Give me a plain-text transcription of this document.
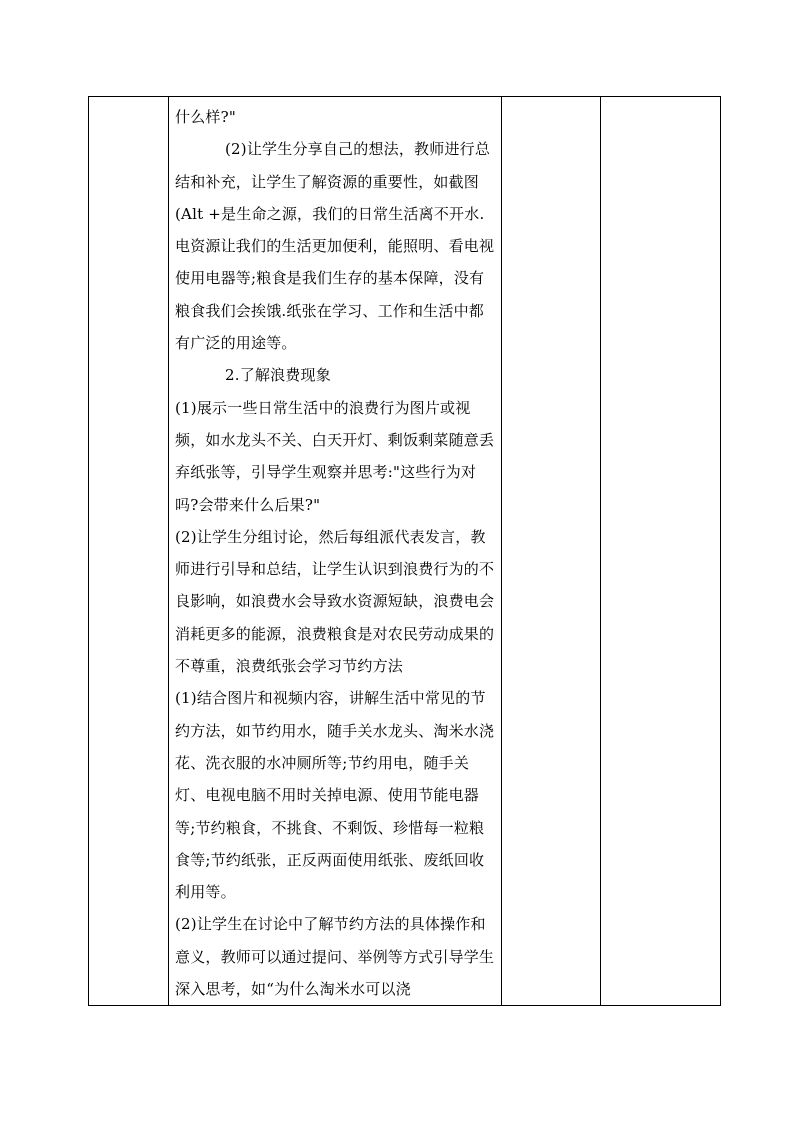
什么样?"

(2)让学生分享自己的想法，教师进行总结和补充，让学生了解资源的重要性，如截图(Alt +是生命之源，我们的日常生活离不开水.电资源让我们的生活更加便利，能照明、看电视使用电器等;粮食是我们生存的基本保障，没有粮食我们会挨饿.纸张在学习、工作和生活中都有广泛的用途等。

2.了解浪费现象

(1)展示一些日常生活中的浪费行为图片或视频，如水龙头不关、白天开灯、剩饭剩菜随意丢弃纸张等，引导学生观察并思考:"这些行为对吗?会带来什么后果?"

(2)让学生分组讨论，然后每组派代表发言，教师进行引导和总结，让学生认识到浪费行为的不良影响，如浪费水会导致水资源短缺，浪费电会消耗更多的能源，浪费粮食是对农民劳动成果的不尊重，浪费纸张会学习节约方法

(1)结合图片和视频内容，讲解生活中常见的节约方法，如节约用水，随手关水龙头、淘米水浇花、洗衣服的水冲厕所等;节约用电，随手关灯、电视电脑不用时关掉电源、使用节能电器等;节约粮食，不挑食、不剩饭、珍惜每一粒粮食等;节约纸张，正反两面使用纸张、废纸回收利用等。

(2)让学生在讨论中了解节约方法的具体操作和意义，教师可以通过提问、举例等方式引导学生深入思考，如“为什么淘米水可以浇
